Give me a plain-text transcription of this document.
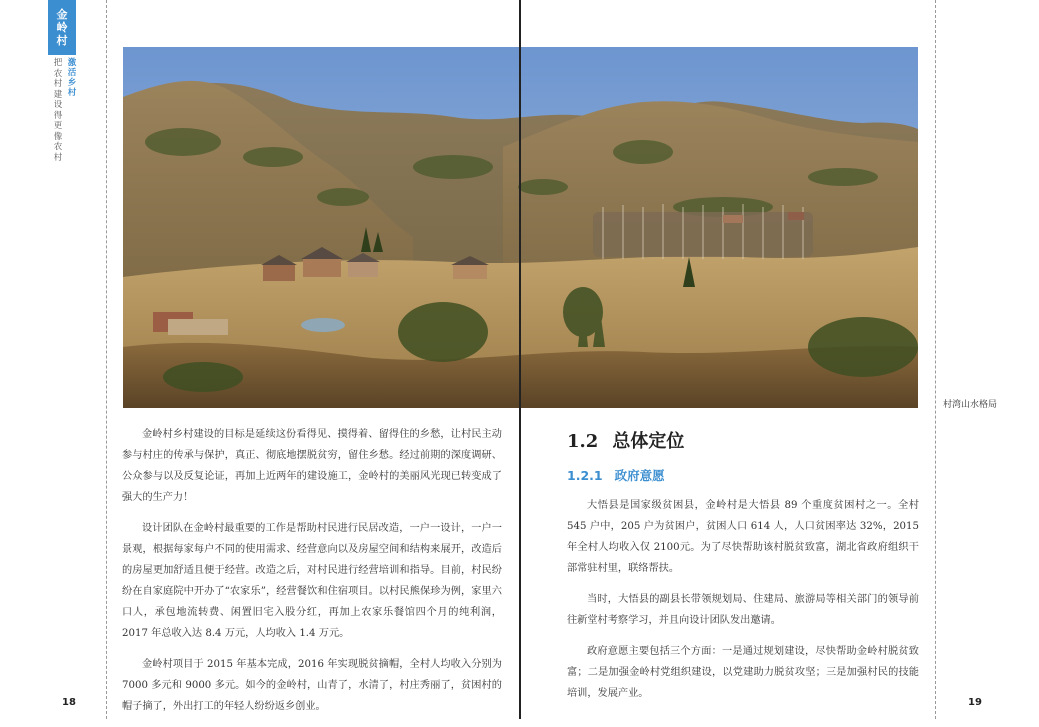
金岭村
激活乡村
把农村建设得更像农村
村湾山水格局

金岭村乡村建设的目标是延续这份看得见、摸得着、留得住的乡愁，让村民主动参与村庄的传承与保护，真正、彻底地摆脱贫穷，留住乡愁。经过前期的深度调研、公众参与以及反复论证，再加上近两年的建设施工，金岭村的美丽风光现已转变成了强大的生产力！

设计团队在金岭村最重要的工作是帮助村民进行民居改造，一户一设计，一户一景观，根据每家每户不同的使用需求、经营意向以及房屋空间和结构来展开，改造后的房屋更加舒适且便于经营。改造之后，对村民进行经营培训和指导。目前，村民纷纷在自家庭院中开办了“农家乐”，经营餐饮和住宿项目。以村民熊保珍为例，家里六口人，承包地流转费、闲置旧宅入股分红，再加上农家乐餐馆四个月的纯利润，2017 年总收入达 8.4 万元，人均收入 1.4 万元。

金岭村项目于 2015 年基本完成，2016 年实现脱贫摘帽，全村人均收入分别为 7000 多元和 9000 多元。如今的金岭村，山青了，水清了，村庄秀丽了，贫困村的帽子摘了，外出打工的年轻人纷纷返乡创业。

1.2 总体定位
1.2.1 政府意愿

大悟县是国家级贫困县，金岭村是大悟县 89 个重度贫困村之一。全村 545 户中，205 户为贫困户，贫困人口 614 人，人口贫困率达 32%，2015 年全村人均收入仅 2100元。为了尽快帮助该村脱贫致富，湖北省政府组织干部常驻村里，联络帮扶。

当时，大悟县的副县长带领规划局、住建局、旅游局等相关部门的领导前往新堂村考察学习，并且向设计团队发出邀请。

政府意愿主要包括三个方面：一是通过规划建设，尽快帮助金岭村脱贫致富；二是加强金岭村党组织建设，以党建助力脱贫攻坚；三是加强村民的技能培训，发展产业。

18	19
